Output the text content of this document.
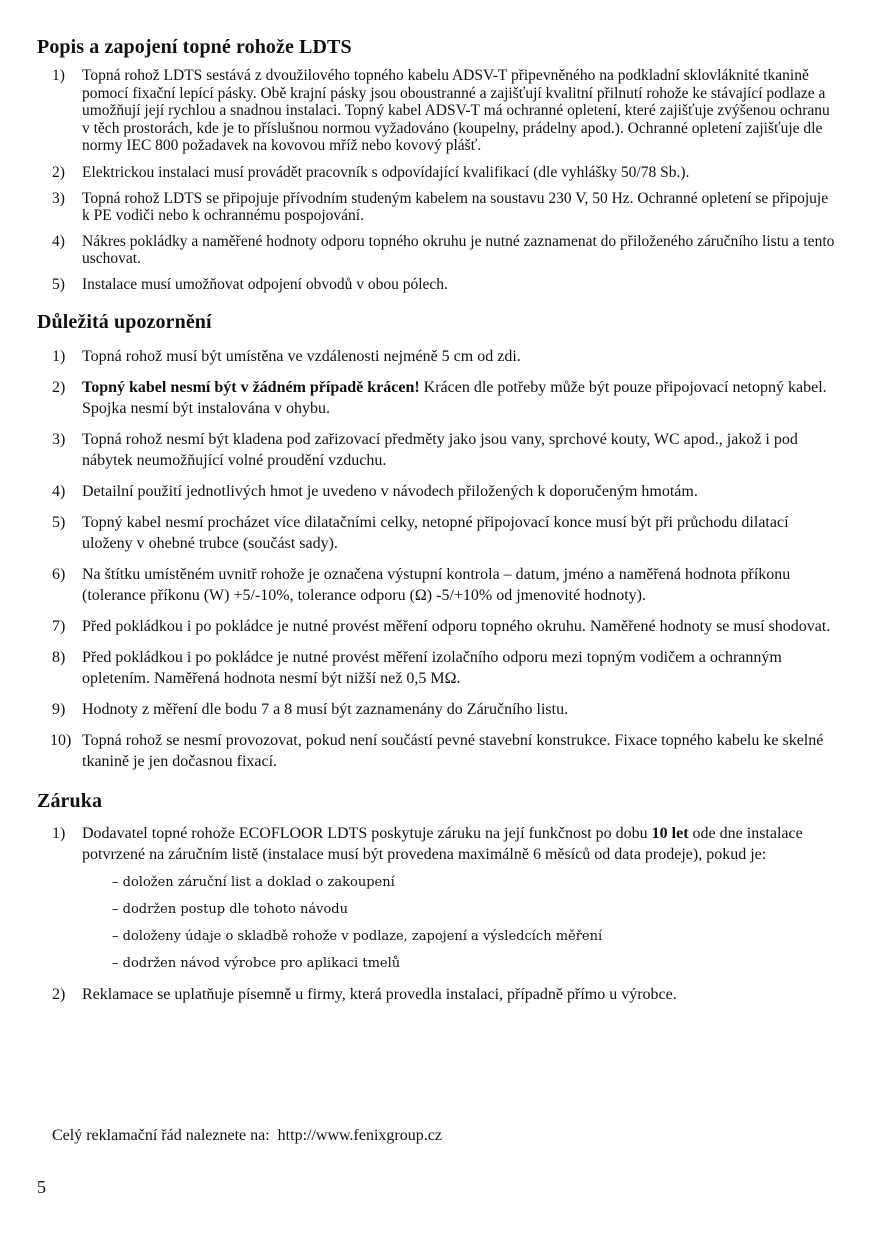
Popis a zapojení topné rohože LDTS
1) Topná rohož LDTS sestává z dvoužilového topného kabelu ADSV-T připevněného na podkladní sklovláknité tkanině pomocí fixační lepící pásky. Obě krajní pásky jsou oboustranné a zajišťují kvalitní přilnutí rohože ke stávající podlaze a umožňují její rychlou a snadnou instalaci. Topný kabel ADSV-T má ochranné opletení, které zajišťuje zvýšenou ochranu v těch prostorách, kde je to příslušnou normou vyžadováno (koupelny, prádelny apod.). Ochranné opletení zajišťuje dle normy IEC 800 požadavek na kovovou mříž nebo kovový plášť.
2) Elektrickou instalaci musí provádět pracovník s odpovídající kvalifikací (dle vyhlášky 50/78 Sb.).
3) Topná rohož LDTS se připojuje přívodním studeným kabelem na soustavu 230 V, 50 Hz. Ochranné opletení se připojuje k PE vodiči nebo k ochrannému pospojování.
4) Nákres pokládky a naměřené hodnoty odporu topného okruhu je nutné zaznamenat do přiloženého záručního listu a tento uschovat.
5) Instalace musí umožňovat odpojení obvodů v obou pólech.
Důležitá upozornění
1) Topná rohož musí být umístěna ve vzdálenosti nejméně 5 cm od zdi.
2) Topný kabel nesmí být v žádném případě krácen! Krácen dle potřeby může být pouze připojovací netopný kabel. Spojka nesmí být instalována v ohybu.
3) Topná rohož nesmí být kladena pod zařizovací předměty jako jsou vany, sprchové kouty, WC apod., jakož i pod nábytek neumožňující volné proudění vzduchu.
4) Detailní použití jednotlivých hmot je uvedeno v návodech přiložených k doporučeným hmotám.
5) Topný kabel nesmí procházet více dilatačními celky, netopné připojovací konce musí být při průchodu dilatací uloženy v ohebné trubce (součást sady).
6) Na štítku umístěném uvnitř rohože je označena výstupní kontrola – datum, jméno a naměřená hodnota příkonu (tolerance příkonu (W) +5/-10%, tolerance odporu (Ω) -5/+10% od jmenovité hodnoty).
7) Před pokládkou i po pokládce je nutné provést měření odporu topného okruhu. Naměřené hodnoty se musí shodovat.
8) Před pokládkou i po pokládce je nutné provést měření izolačního odporu mezi topným vodičem a ochranným opletením. Naměřená hodnota nesmí být nižší než 0,5 MΩ.
9) Hodnoty z měření dle bodu 7 a 8 musí být zaznamenány do Záručního listu.
10) Topná rohož se nesmí provozovat, pokud není součástí pevné stavební konstrukce. Fixace topného kabelu ke skelné tkanině je jen dočasnou fixací.
Záruka
1) Dodavatel topné rohože ECOFLOOR LDTS poskytuje záruku na její funkčnost po dobu 10 let ode dne instalace potvrzené na záručním listě (instalace musí být provedena maximálně 6 měsíců od data prodeje), pokud je:
– doložen záruční list a doklad o zakoupení
– dodržen postup dle tohoto návodu
– doloženy údaje o skladbě rohože v podlaze, zapojení a výsledcích měření
– dodržen návod výrobce pro aplikaci tmelů
2) Reklamace se uplatňuje písemně u firmy, která provedla instalaci, případně přímo u výrobce.
Celý reklamační řád naleznete na: http://www.fenixgroup.cz
5
